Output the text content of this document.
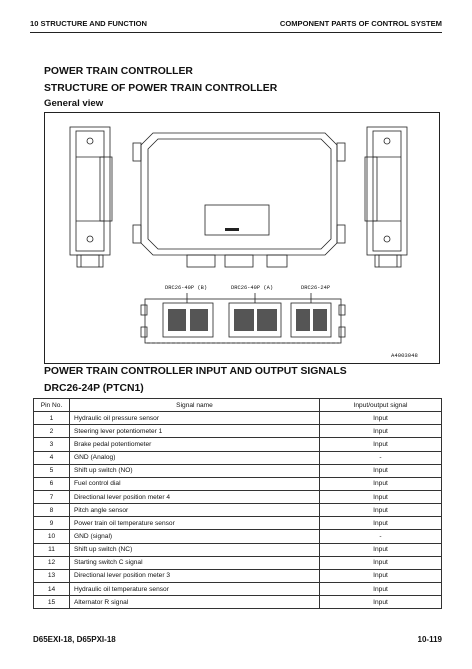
10 STRUCTURE AND FUNCTION	COMPONENT PARTS OF CONTROL SYSTEM
POWER TRAIN CONTROLLER
STRUCTURE OF POWER TRAIN CONTROLLER
General view
DRC26-40P (B)	DRC26-40P (A)	DRC26-24P
A4003048
POWER TRAIN CONTROLLER INPUT AND OUTPUT SIGNALS
DRC26-24P (PTCN1)
Pin No.	Signal name	Input/output signal
1	Hydraulic oil pressure sensor	Input
2	Steering lever potentiometer 1	Input
3	Brake pedal potentiometer	Input
4	GND (Analog)	-
5	Shift up switch (NO)	Input
6	Fuel control dial	Input
7	Directional lever position meter 4	Input
8	Pitch angle sensor	Input
9	Power train oil temperature sensor	Input
10	GND (signal)	-
11	Shift up switch (NC)	Input
12	Starting switch C signal	Input
13	Directional lever position meter 3	Input
14	Hydraulic oil temperature sensor	Input
15	Alternator R signal	Input
D65EXI-18, D65PXI-18	10-119
